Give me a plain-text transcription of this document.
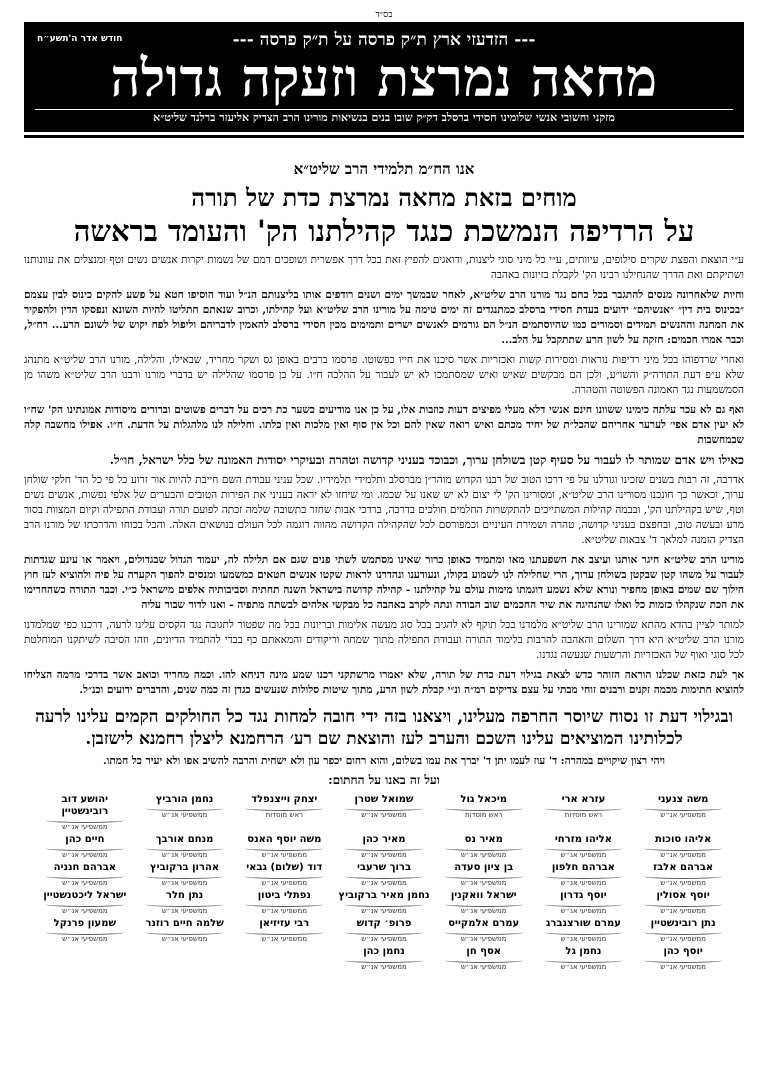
בס״ד
חודש אדר ה'תשע״ח	--- הזדעזי ארץ ת״ק פרסה על ת״ק פרסה ---
מחאה נמרצת וזעקה גדולה
מזקני וחשובי אנשי שלומינו חסידי ברסלב דק״ק שובו בנים בנשיאות מורינו הרב הצדיק אליעזר ברלנד שליט״א
אנו הח״מ תלמידי הרב שליט״א
מוחים בזאת מחאה נמרצת כדת של תורה
על הרדיפה הנמשכת כנגד קהילתנו הק' והעומד בראשה
ע״י הוצאת והפצת שקרים סילופים, עיוותים, ע״י כל מיני סוגי ליצנות, ודואגים להפיץ זאת בכל דרך אפשרית ושופכים דמם של נשמות יקרות אנשים נשים וטף ומנצלים את עוונותנו ושתיקתם ואת הדרך שהנחילנו רבינו הק' לקבלת בזיונות באהבה
וחיות שלאחרונה מנסים להתגבר בכל כחם נגד מורנו הרב שליט״א, לאחר שבמשך ימים ושנים רודפים אותו בליצנותם הנ״ל ועוד הוסיפו חטא על פשע להקים כינוס לבין עצמם ״בכינוס בית דין״ ״אנשיהם״ ידועים בעדת חסידי ברסלב כמתנגדים זה ימים טימה על מורינו הרב שליט״א ועל קהילתו, וכרוב שנאתם חתליטו להיות השונא ונפסקו הדין ולהפקיר את המחנה וההנשים תמידים וסמורים כמו שהיוסתמים הנ״ל הם גורמים לאנשים ישרים ותמימים מכין חסידי ברסלב להאמין לדבריהם וליפול לפח יקוש של לשונם הרע... רח״ל, וכבר אמרו חכמים: חזקה על לשון הרע שתתקבל על הלב...
ואחרי שרדפוהו בכל מיני רדיפות נוראות ומסירות קשות ואכזריות אשר סיכנו את חייו כפשוטו. פרסמו ברבים באופן גס ושקר מחריד, שבאילו, והלילה, מורנו הרב שליט״א מתנהג שלא ע״פ דעת התורה״ק והשו״ע, ולכן הם מבקשים שאיש ואיש שמסתמכו לא יש לעבור על ההלכה ח״ו. על כן פרסמו שהלילה יש בדברי מורנו ורבנו הרב שליט״א משהו מן הסמשמעות נגד האמונה הפשוטה והטהרה.
ואף גם לא עכר עלתה כימינו ששוונו חינם אנשי דלא מעלי מפיצים דעות כוזבות אלו, על כן אנו מודיעים כשער כת רכים על דברים פשוטים וברורים מיסודות אמונתינו הק' שח״ו לא יעין אדם אפי׳ לערער אחריהם שהכל״ת של יחיד מכתם ואיש רואה שאין להם וכל אין סוף ואין מלכות ואין כלתו. וחלילה לנו מלהגלות על הדעת. ח״ו. אפילו מחשבה קלה שבמחשבות
כאילו ויש אדם שמותר לו לעבור על סעיף קטן בשולחן ערוך, וכבוכד בעניני קדושה וטהרה ובעיקרי יסודות האמונה של כלל ישראל, חו״ל.
אדרבה, זה רבות בשנים שזכינו וגודלנו על פי דרכו הטוב של רבנו הקדוש מוהר״ן מברסלב ותלמידי תלמידיו. שכל עניני עבודת השם חייבת להיות אור זרוע כל פי כל הד' חלקי שולחן ערוך, וכאשר כך חונכנו מסורינו הרב שליט״א, ומסורינו הק' לי יצום לא יש שאנו על שכמו. ומי שיחזו לא יראה בעניני את הפירות הטובים והבערים של אלפי נפשות, אנשים נשים וטף, שיש בקהילתנו הק', ובבמה קהילות המשתייכים להתקשרות החלמים חולכים בדרכה, ברדכי אבות שחזר בתשובה שלמה זכתה לפועם תורה ועבודת התפילה וקיום המצוות בסור מרע ובעשה טוב, ובחפצם בעניני קדושה, טהרה ושמירת העיניים וכמפורסם לכל שהקהילה הקדושה מהווה דוגמה לכל העולם בנושאים האלה. והכל בכוחו והדרכתו של מורנו הרב הצדיק הזמנה למלאך ד' צבאות שליט״א.
מורינו הרב שליט״א חיגר אותנו ועיצב את השפעתנו מאו ומתמיד כאופן כרור שאינו מסתמש לשתי פנים שגם אם תלילה לה, יעמוד הגדול שבגדולים, ויאמר או עינע שגדתות לעבור על משהו קטן שבקטן בשולחן ערוך, הרי שחלילה לנו לשמוע בקולו, ונעודענו ונהדרנו לראות שקטו אנשים חטאים כמשמעו ומנסים להפוך הקערה על פיה ולהוציא לעז חוץ הילוך שם שמים באופן מחפיר ונורא שלא נשמע דוגמתו מימות עולם על קהילתנו - קהילה קדושה בישראל השנה תחתיה וסביבותיה אלפים מישראל כ״י. וכבר התורה כשהחרימו את הכת שנקהלו כזמות כל ואלו שהנהיגה את שיר החכמים שוב הבודה ונתה לקרב באהבה כל מבקשי אלהים לבשתה מתפיה - ואנו לדור שבור עליה
למותר לציין בהדא מהתא שמורינו הרב שליט״א מלמדנו בכל תוקף לא להגיב בכל סוג מעשה אלימות ובריונות בכל מה שפטור לתגובה נגד הקסים עלינו לרעה, דרכנו כפי שמלמדנו מורנו הרב שליט״א היא דרך השלום והאהבה להרבות בלימוד התורה ועבודת התפילה מתוך שמחה וריקודים והמאאתם כף בבדי להתמיד הדיונים, וזהו הסיבה לשיתקנו המוחלטת לכל סוגי ואוף של האכזריות והרשעות שנעשה נגדנו.
אך לעת כזאת שכלנו הוראה הזוהר כדש לצאת בגילוי דעת כדת של תורה, שלא יאמרו מרשתקני רכנו שמע מינה דניחא להו. וכמה מחריד וכואב אשר בדרכי מרמה הצליחו להוציא חתימות מכמה זקנים ורבנים זוחי מבתי על עצם צדיקים רמ״ה ונ״י קבלת לשון הרע, מתוך שיטות סלולות שנעשים כגדן זה כמה שנים, והדברים ידועים וכנ״ל.
ובגילוי דעת זו נסוח שיוסר החרפה מעלינו, ויצאנו בזה ידי חובה למחות נגד כל החולקים הקמים עלינו לרעה לכלותינו המוציאים עלינו השכם והערב לעז והוצאת שם רע׳ הרחמנא ליצלן רחמנא לישזבן.
ויהי רצון שיקויים במהרה: ד' עוז לעמו יתן ד' יברך את עמו בשלום, והוא רחום יכפר עון ולא ישחית והרבה להשיב אפו ולא יעיר כל חמתו.
ועל זה באנו על החתום:
משה צנעני
ממשפיעי אנ״ש
עזרא ארי
ראש מוסדות
מיכאל גול
ראש מוסדות
שמואל שטרן
ממשפיעי אנ״ש
יצחק וייצנפלד
ראש מוסדות
נחמן הורביץ
ממשפיעי אנ״ש
יהושע דוב רובינשטיין
ממשפיעי אנ״ש
אליהו סוכות
ממשפיעי אנ״ש
אליהו מזרחי
ממשפיעי אנ״ש
מאיר נס
ממשפיעי אנ״ש
מאיר כהן
ממשפיעי אנ״ש
משה יוסף האנס
ממשפיעי אנ״ש
מנחם אורבך
ממשפיעי אנ״ש
חיים כהן
ממשפיעי אנ״ש
אברהם אלבז
ממשפיעי אנ״ש
אברהם חלפון
ממשפיעי אנ״ש
בן ציון סעדה
ממשפיעי אנ״ש
ברוך שרעבי
ממשפיעי אנ״ש
דוד (שלום) גבאי
ממשפיעי אנ״ש
אהרון ברקוביץ
ממשפיעי אנ״ש
אברהם חנניה
ממשפיעי אנ״ש
יוסף אסולין
ממשפיעי אנ״ש
יוסף גדרון
ממשפיעי אנ״ש
ישראל וואקנין
ממשפיעי אנ״ש
נחמן מאיר ברקוביץ
ממשפיעי אנ״ש
נפתלי ביטון
ממשפיעי אנ״ש
נתן חלר
ממשפיעי אנ״ש
ישראל ליכטנשטיין
ממשפיעי אנ״ש
נתן רובינשטיין
ממשפיעי אנ״ש
עמרם שורצנברג
ממשפיעי אנ״ש
עמרם אלמקייס
ממשפיעי אנ״ש
פרופ׳ קדוש
ממשפיעי אנ״ש
רבי עזיזיאן
ממשפיעי אנ״ש
שלמה חיים רוזנר
ממשפיעי אנ״ש
שמעון פרנקל
ממשפיעי אנ״ש
יוסף כהן
ממשפיעי אנ״ש
נחמן גל
ממשפיעי אנ״ש
אסף חן
ממשפיעי אנ״ש
נחמן כהן
ממשפיעי אנ״ש
